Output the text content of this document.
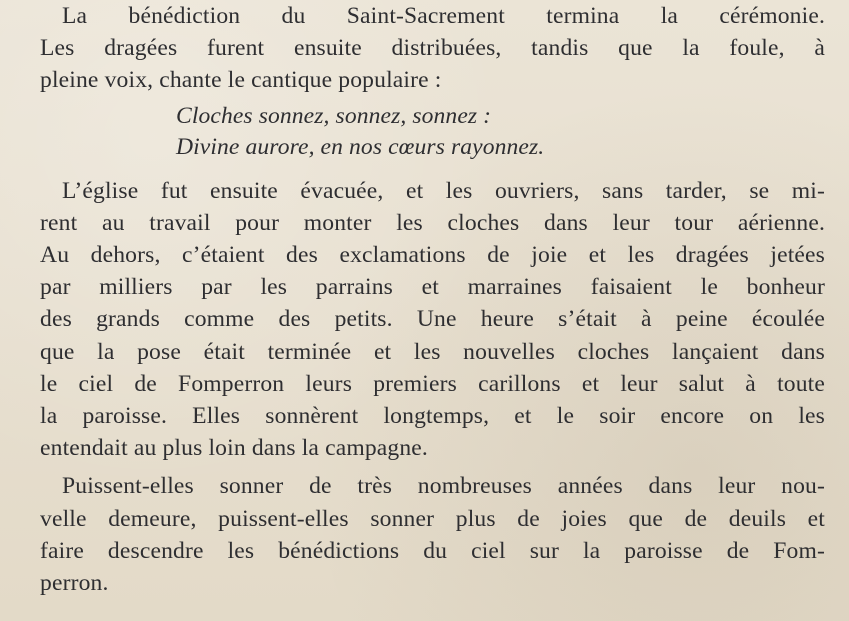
La bénédiction du Saint-Sacrement termina la cérémonie.
Les dragées furent ensuite distribuées, tandis que la foule, à
pleine voix, chante le cantique populaire :
Cloches sonnez, sonnez, sonnez :
Divine aurore, en nos cœurs rayonnez.
L’église fut ensuite évacuée, et les ouvriers, sans tarder, se mi-
rent au travail pour monter les cloches dans leur tour aérienne.
Au dehors, c’étaient des exclamations de joie et les dragées jetées
par milliers par les parrains et marraines faisaient le bonheur
des grands comme des petits. Une heure s’était à peine écoulée
que la pose était terminée et les nouvelles cloches lançaient dans
le ciel de Fomperron leurs premiers carillons et leur salut à toute
la paroisse. Elles sonnèrent longtemps, et le soir encore on les
entendait au plus loin dans la campagne.
Puissent-elles sonner de très nombreuses années dans leur nou-
velle demeure, puissent-elles sonner plus de joies que de deuils et
faire descendre les bénédictions du ciel sur la paroisse de Fom-
perron.
